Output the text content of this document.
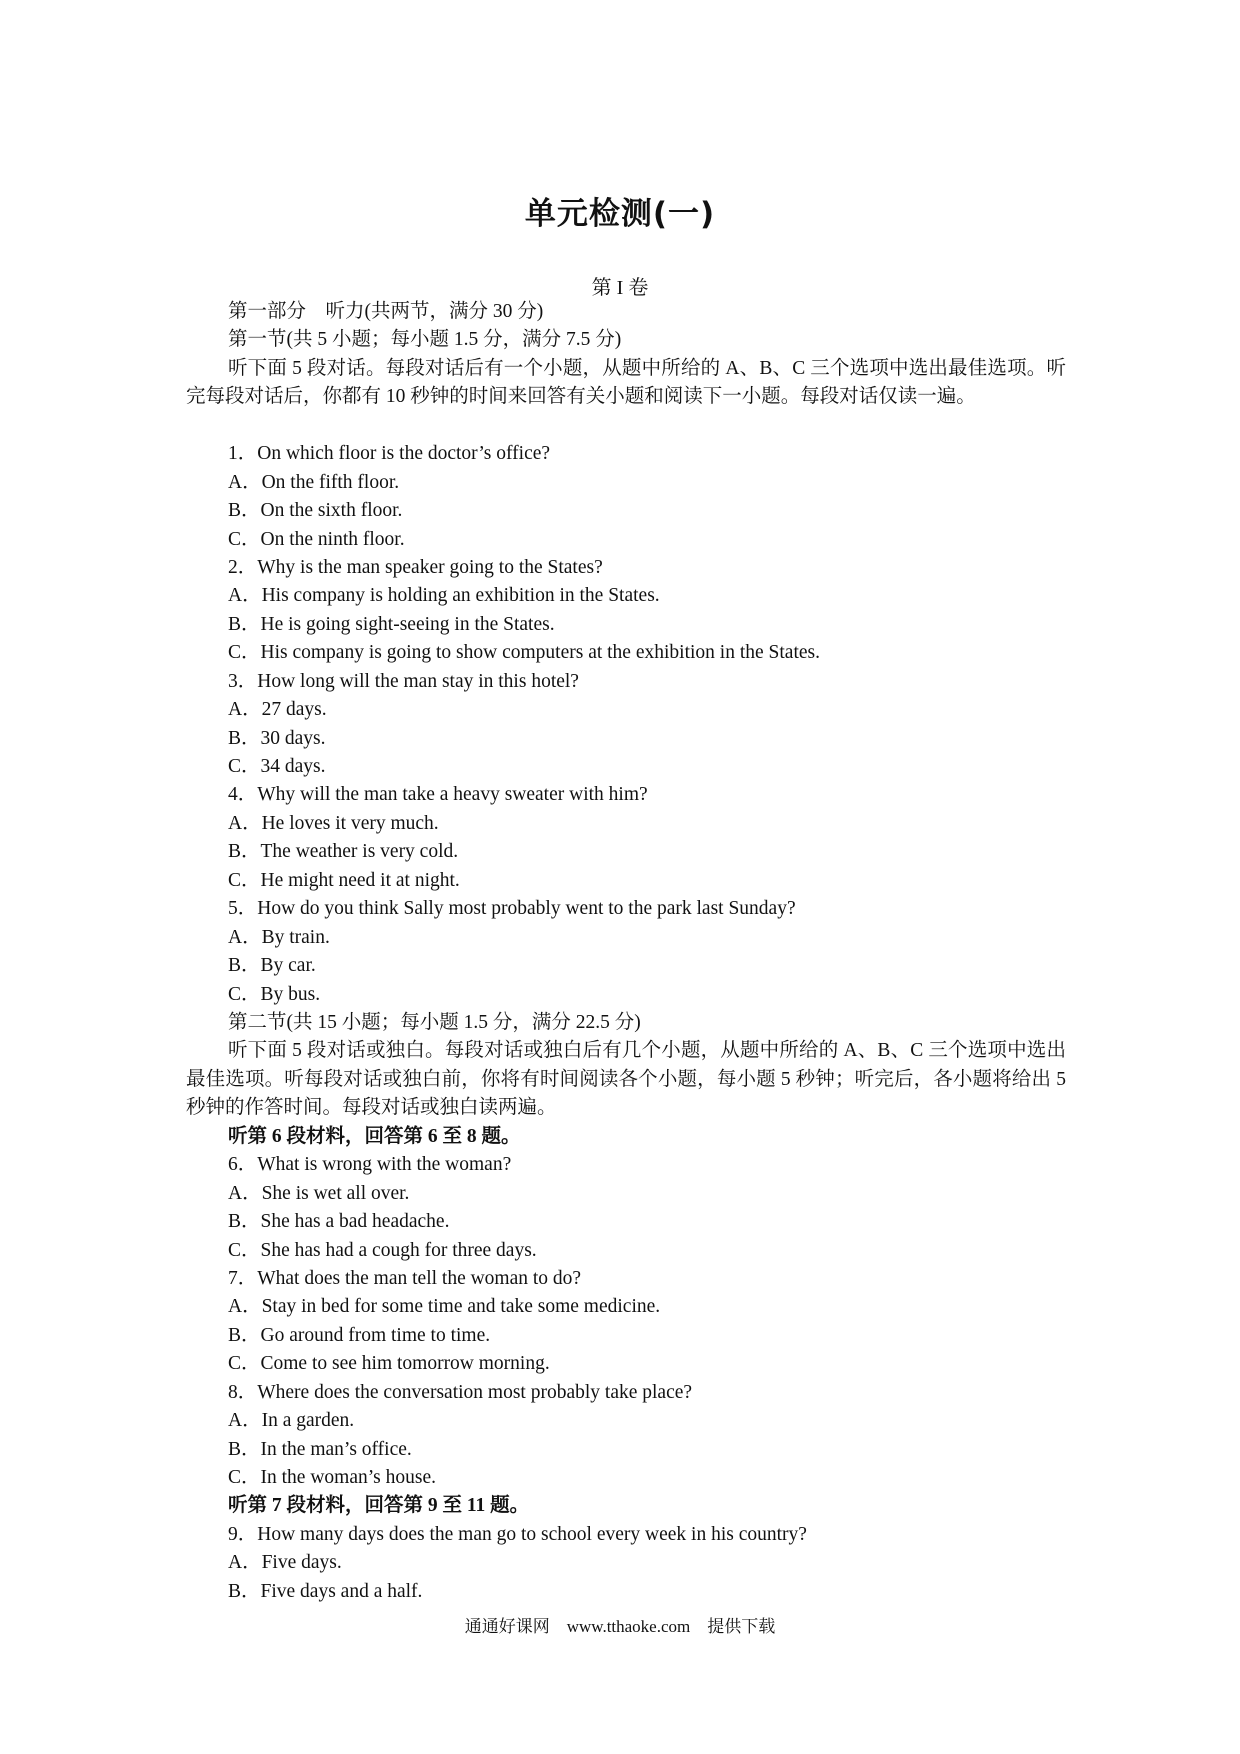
单元检测(一)
第 I 卷
第一部分　听力(共两节，满分 30 分)
第一节(共 5 小题；每小题 1.5 分，满分 7.5 分)

听下面 5 段对话。每段对话后有一个小题，从题中所给的 A、B、C 三个选项中选出最佳选项。听完每段对话后，你都有 10 秒钟的时间来回答有关小题和阅读下一小题。每段对话仅读一遍。

1．On which floor is the doctor’s office?
A．On the fifth floor.
B．On the sixth floor.
C．On the ninth floor.
2．Why is the man speaker going to the States?
A．His company is holding an exhibition in the States.
B．He is going sight-seeing in the States.
C．His company is going to show computers at the exhibition in the States.
3．How long will the man stay in this hotel?
A．27 days.
B．30 days.
C．34 days.
4．Why will the man take a heavy sweater with him?
A．He loves it very much.
B．The weather is very cold.
C．He might need it at night.
5．How do you think Sally most probably went to the park last Sunday?
A．By train.
B．By car.
C．By bus.
第二节(共 15 小题；每小题 1.5 分，满分 22.5 分)

听下面 5 段对话或独白。每段对话或独白后有几个小题，从题中所给的 A、B、C 三个选项中选出最佳选项。听每段对话或独白前，你将有时间阅读各个小题，每小题 5 秒钟；听完后，各小题将给出 5 秒钟的作答时间。每段对话或独白读两遍。

听第 6 段材料，回答第 6 至 8 题。
6．What is wrong with the woman?
A．She is wet all over.
B．She has a bad headache.
C．She has had a cough for three days.
7．What does the man tell the woman to do?
A．Stay in bed for some time and take some medicine.
B．Go around from time to time.
C．Come to see him tomorrow morning.
8．Where does the conversation most probably take place?
A．In a garden.
B．In the man’s office.
C．In the woman’s house.
听第 7 段材料，回答第 9 至 11 题。
9．How many days does the man go to school every week in his country?
A．Five days.
B．Five days and a half.
通通好课网　www.tthaoke.com　提供下载
